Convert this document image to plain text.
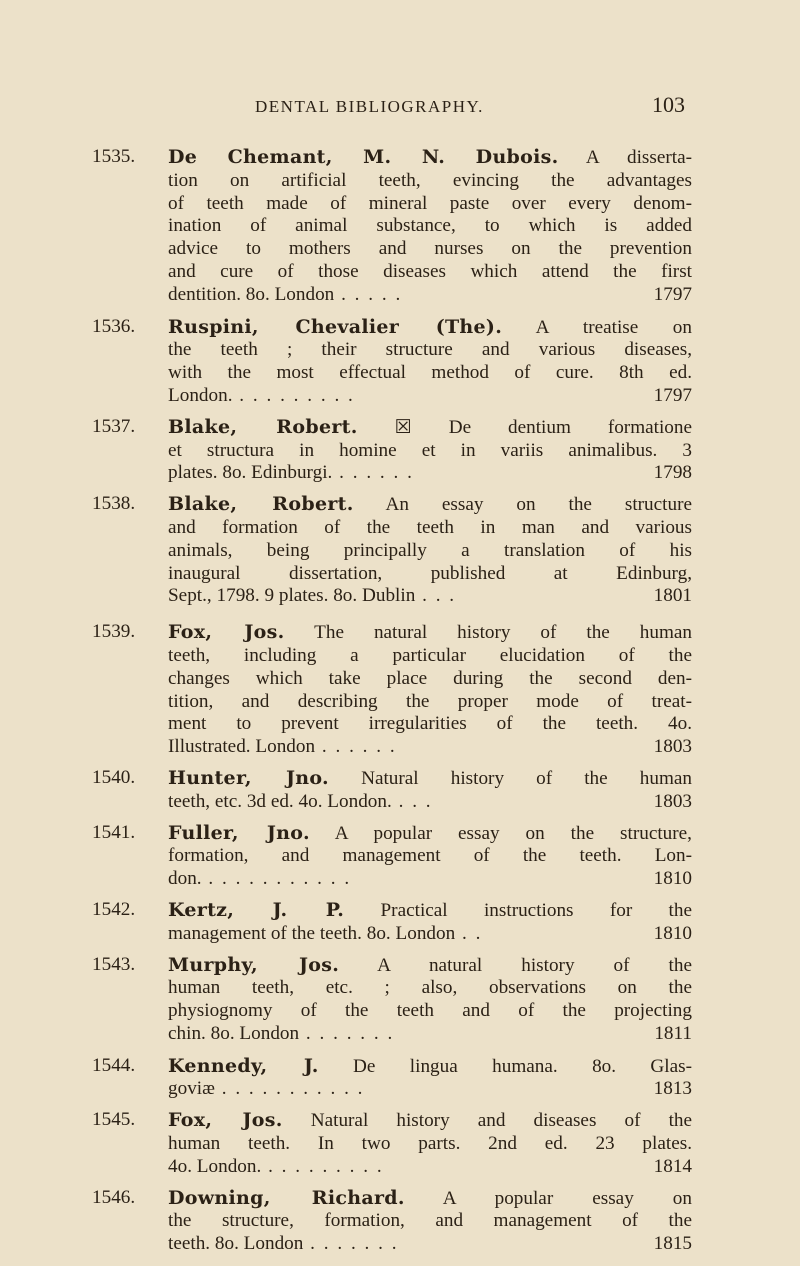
DENTAL BIBLIOGRAPHY.	103
1535.	De Chemant, M. N. Dubois. A disserta-
tion on artificial teeth, evincing the advantages
of teeth made of mineral paste over every denom-
ination of animal substance, to which is added
advice to mothers and nurses on the prevention
and cure of those diseases which attend the first
dentition. 8o. London . . . . .	1797
1536.	Ruspini, Chevalier (The). A treatise on
the teeth ; their structure and various diseases,
with the most effectual method of cure. 8th ed.
London. . . . . . . . . .	1797
1537.	Blake, Robert. ☒ De dentium formatione
et structura in homine et in variis animalibus. 3
plates. 8o. Edinburgi. . . . . . .	1798
1538.	Blake, Robert. An essay on the structure
and formation of the teeth in man and various
animals, being principally a translation of his
inaugural dissertation, published at Edinburg,
Sept., 1798. 9 plates. 8o. Dublin . . .	1801
1539.	Fox, Jos. The natural history of the human
teeth, including a particular elucidation of the
changes which take place during the second den-
tition, and describing the proper mode of treat-
ment to prevent irregularities of the teeth. 4o.
Illustrated. London . . . . . .	1803
1540.	Hunter, Jno. Natural history of the human
teeth, etc. 3d ed. 4o. London. . . .	1803
1541.	Fuller, Jno. A popular essay on the structure,
formation, and management of the teeth. Lon-
don. . . . . . . . . . . .	1810
1542.	Kertz, J. P. Practical instructions for the
management of the teeth. 8o. London . .	1810
1543.	Murphy, Jos. A natural history of the
human teeth, etc. ; also, observations on the
physiognomy of the teeth and of the projecting
chin. 8o. London . . . . . . .	1811
1544.	Kennedy, J. De lingua humana. 8o. Glas-
goviæ . . . . . . . . . . .	1813
1545.	Fox, Jos. Natural history and diseases of the
human teeth. In two parts. 2nd ed. 23 plates.
4o. London. . . . . . . . . .	1814
1546.	Downing, Richard. A popular essay on
the structure, formation, and management of the
teeth. 8o. London . . . . . . .	1815
